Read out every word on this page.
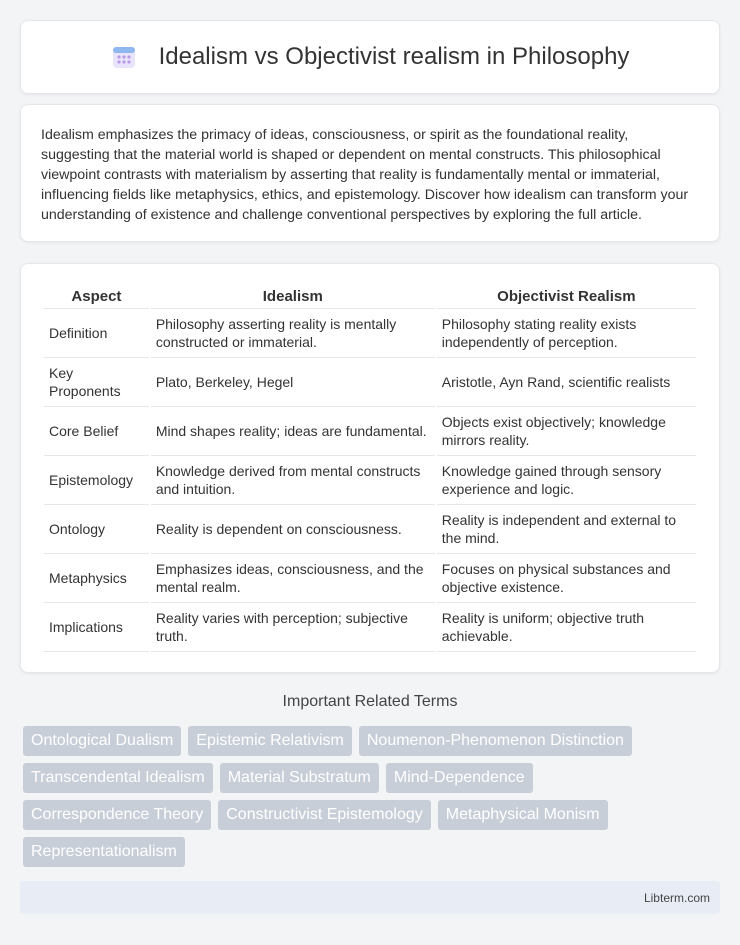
Idealism vs Objectivist realism in Philosophy

Idealism emphasizes the primacy of ideas, consciousness, or spirit as the foundational reality, suggesting that the material world is shaped or dependent on mental constructs. This philosophical viewpoint contrasts with materialism by asserting that reality is fundamentally mental or immaterial, influencing fields like metaphysics, ethics, and epistemology. Discover how idealism can transform your understanding of existence and challenge conventional perspectives by exploring the full article.

Aspect	Idealism	Objectivist Realism
Definition	Philosophy asserting reality is mentally constructed or immaterial.	Philosophy stating reality exists independently of perception.
Key Proponents	Plato, Berkeley, Hegel	Aristotle, Ayn Rand, scientific realists
Core Belief	Mind shapes reality; ideas are fundamental.	Objects exist objectively; knowledge mirrors reality.
Epistemology	Knowledge derived from mental constructs and intuition.	Knowledge gained through sensory experience and logic.
Ontology	Reality is dependent on consciousness.	Reality is independent and external to the mind.
Metaphysics	Emphasizes ideas, consciousness, and the mental realm.	Focuses on physical substances and objective existence.
Implications	Reality varies with perception; subjective truth.	Reality is uniform; objective truth achievable.
Important Related Terms
Ontological Dualism	Epistemic Relativism	Noumenon-Phenomenon Distinction
Transcendental Idealism	Material Substratum	Mind-Dependence
Correspondence Theory	Constructivist Epistemology	Metaphysical Monism
Representationalism
Libterm.com
